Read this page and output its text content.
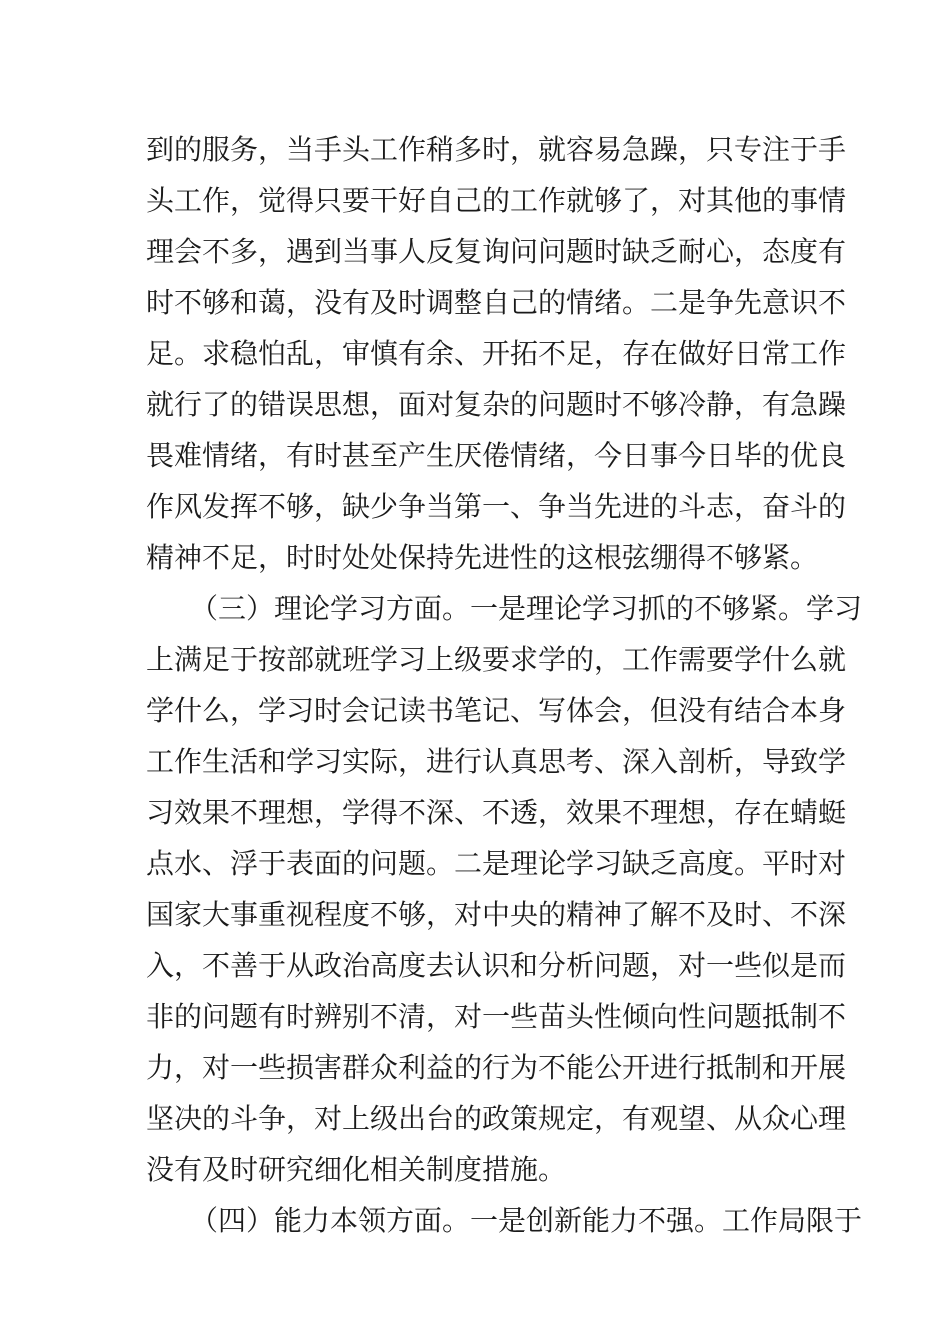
到的服务，当手头工作稍多时，就容易急躁，只专注于手
头工作，觉得只要干好自己的工作就够了，对其他的事情
理会不多，遇到当事人反复询问问题时缺乏耐心，态度有
时不够和蔼，没有及时调整自己的情绪。二是争先意识不
足。求稳怕乱，审慎有余、开拓不足，存在做好日常工作
就行了的错误思想，面对复杂的问题时不够冷静，有急躁
畏难情绪，有时甚至产生厌倦情绪，今日事今日毕的优良
作风发挥不够，缺少争当第一、争当先进的斗志，奋斗的
精神不足，时时处处保持先进性的这根弦绷得不够紧。
（三）理论学习方面。一是理论学习抓的不够紧。学习
上满足于按部就班学习上级要求学的，工作需要学什么就
学什么，学习时会记读书笔记、写体会，但没有结合本身
工作生活和学习实际，进行认真思考、深入剖析，导致学
习效果不理想，学得不深、不透，效果不理想，存在蜻蜓
点水、浮于表面的问题。二是理论学习缺乏高度。平时对
国家大事重视程度不够，对中央的精神了解不及时、不深
入，不善于从政治高度去认识和分析问题，对一些似是而
非的问题有时辨别不清，对一些苗头性倾向性问题抵制不
力，对一些损害群众利益的行为不能公开进行抵制和开展
坚决的斗争，对上级出台的政策规定，有观望、从众心理
没有及时研究细化相关制度措施。
（四）能力本领方面。一是创新能力不强。工作局限于
